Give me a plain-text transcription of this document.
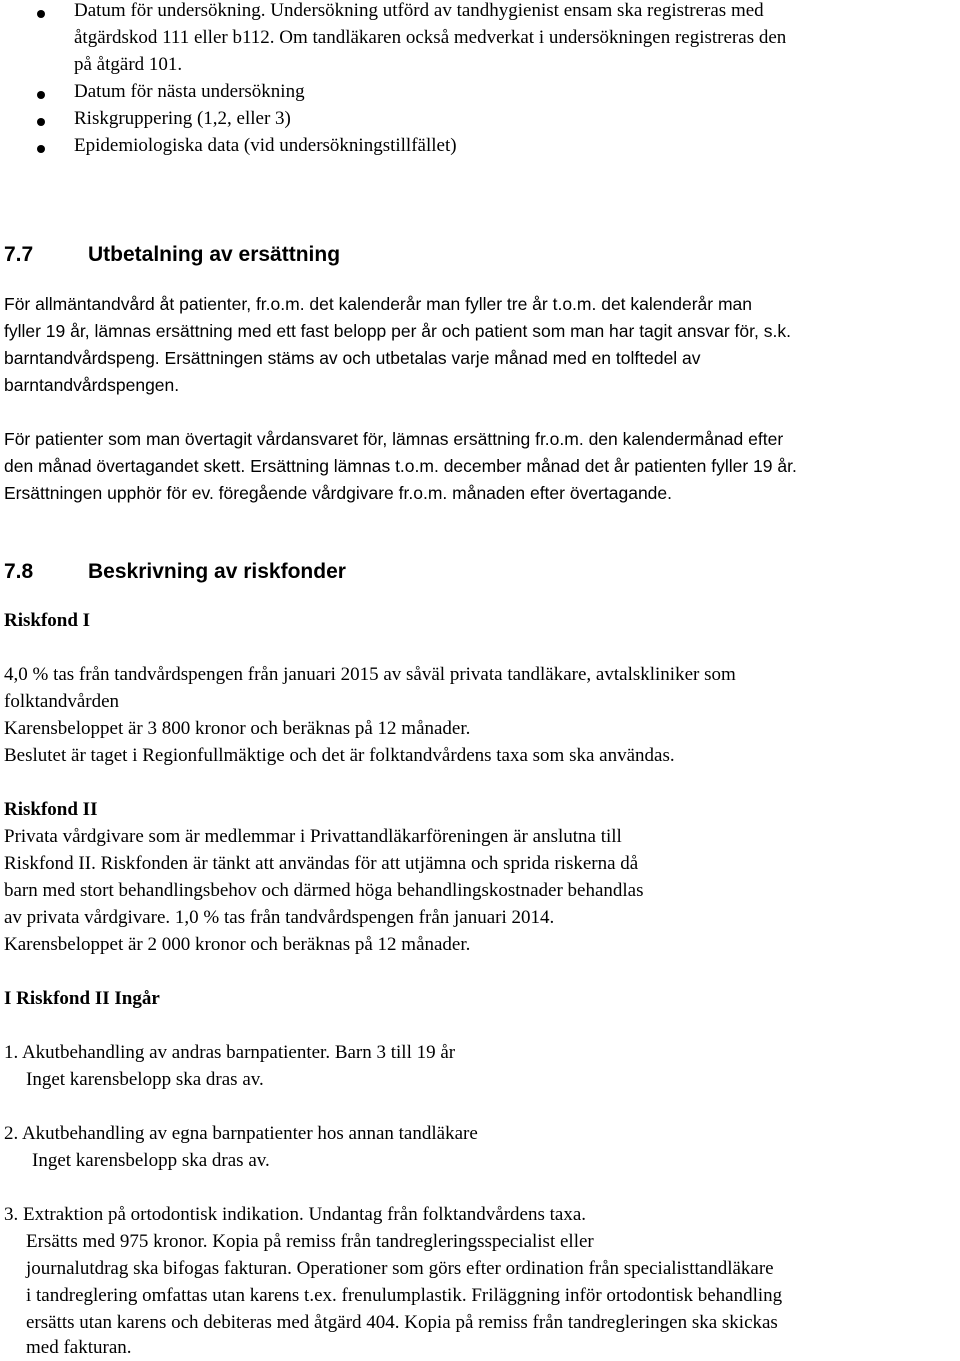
Datum för undersökning. Undersökning utförd av tandhygienist ensam ska registreras med
åtgärdskod 111 eller b112. Om tandläkaren också medverkat i undersökningen registreras den
på åtgärd 101.
Datum för nästa undersökning
Riskgruppering (1,2, eller 3)
Epidemiologiska data (vid undersökningstillfället)
7.7	Utbetalning av ersättning
För allmäntandvård åt patienter, fr.o.m. det kalenderår man fyller tre år t.o.m. det kalenderår man
fyller 19 år, lämnas ersättning med ett fast belopp per år och patient som man har tagit ansvar för, s.k.
barntandvårdspeng. Ersättningen stäms av och utbetalas varje månad med en tolftedel av
barntandvårdspengen.
För patienter som man övertagit vårdansvaret för, lämnas ersättning fr.o.m. den kalendermånad efter
den månad övertagandet skett. Ersättning lämnas t.o.m. december månad det år patienten fyller 19 år.
Ersättningen upphör för ev. föregående vårdgivare fr.o.m. månaden efter övertagande.
7.8	Beskrivning av riskfonder
Riskfond I
4,0 % tas från tandvårdspengen från januari 2015 av såväl privata tandläkare, avtalskliniker som
folktandvården
Karensbeloppet är 3 800 kronor och beräknas på 12 månader.
Beslutet är taget i Regionfullmäktige och det är folktandvårdens taxa som ska användas.
Riskfond II
Privata vårdgivare som är medlemmar i Privattandläkarföreningen är anslutna till
Riskfond II. Riskfonden är tänkt att användas för att utjämna och sprida riskerna då
barn med stort behandlingsbehov och därmed höga behandlingskostnader behandlas
av privata vårdgivare. 1,0 % tas från tandvårdspengen från januari 2014.
Karensbeloppet är 2 000 kronor och beräknas på 12 månader.
I Riskfond II Ingår
1. Akutbehandling av andras barnpatienter. Barn 3 till 19 år
Inget karensbelopp ska dras av.
2. Akutbehandling av egna barnpatienter hos annan tandläkare
Inget karensbelopp ska dras av.
3. Extraktion på ortodontisk indikation. Undantag från folktandvårdens taxa.
Ersätts med 975 kronor. Kopia på remiss från tandregleringsspecialist eller
journalutdrag ska bifogas fakturan. Operationer som görs efter ordination från specialisttandläkare
i tandreglering omfattas utan karens t.ex. frenulumplastik. Friläggning inför ortodontisk behandling
ersätts utan karens och debiteras med åtgärd 404. Kopia på remiss från tandregleringen ska skickas
med fakturan.
